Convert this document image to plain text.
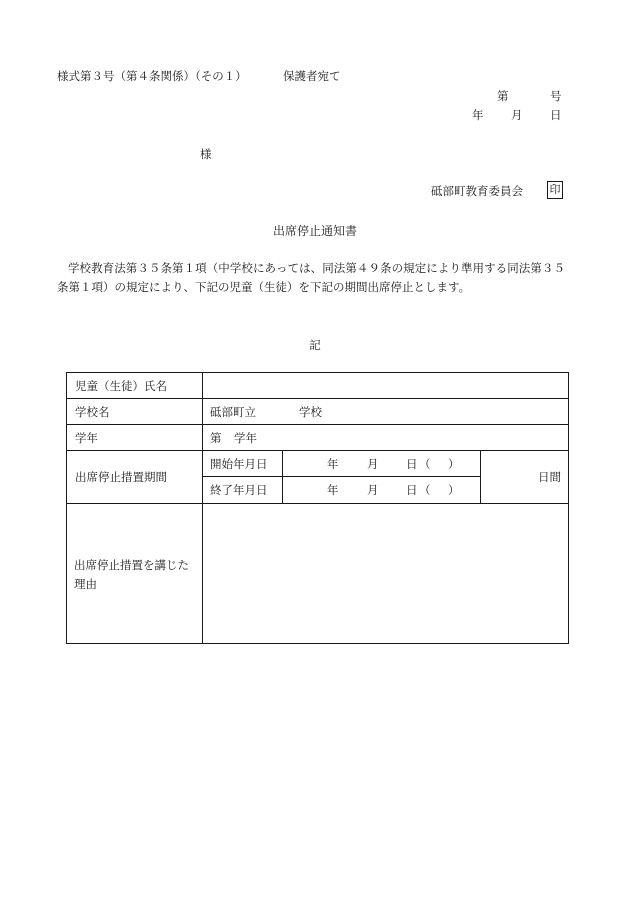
様式第３号（第４条関係）（その１）	保護者宛て
第	号
年 月 日
様
砥部町教育委員会 印
出席停止通知書
学校教育法第３５条第１項（中学校にあっては、同法第４９条の規定により準用する同法第３５条第１項）の規定により、下記の児童（生徒）を下記の期間出席停止とします。
記
児童（生徒）氏名
学校名	砥部町立	学校
学年	第 学年
出席停止措置期間
開始年月日	年 月 日 （ ）
終了年月日	年 月 日 （ ）
日間
出席停止措置を講じた理由
